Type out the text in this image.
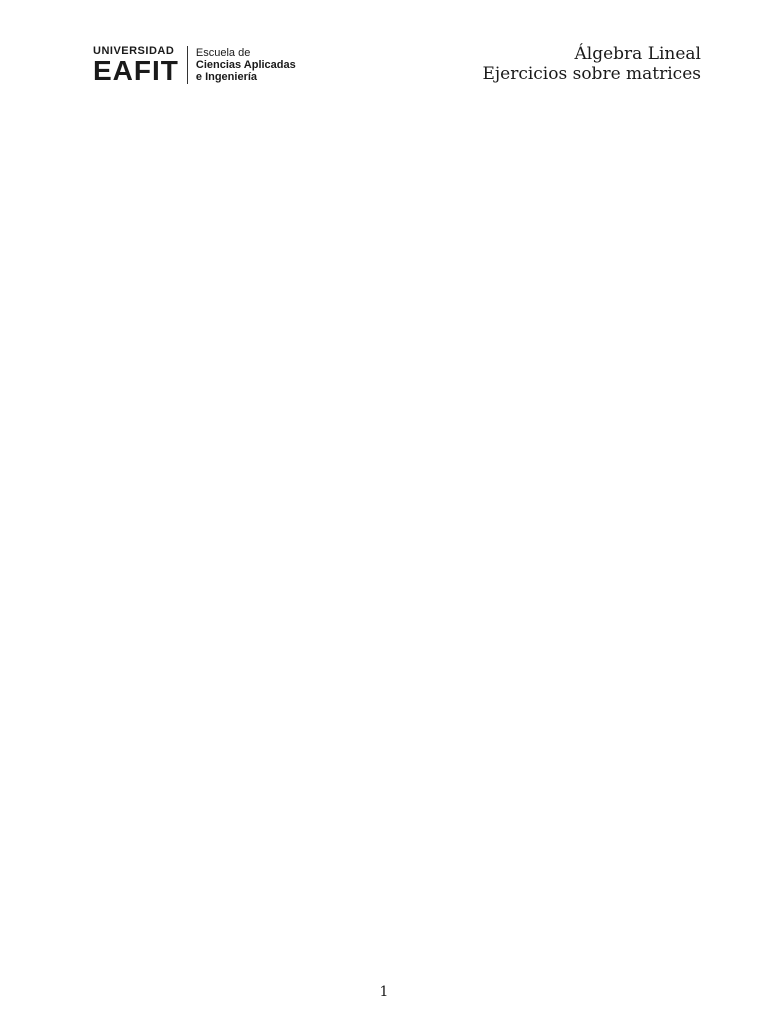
UNIVERSIDAD
EAFIT
Escuela de
Ciencias Aplicadas
e Ingeniería
Álgebra Lineal
Ejercicios sobre matrices
1
